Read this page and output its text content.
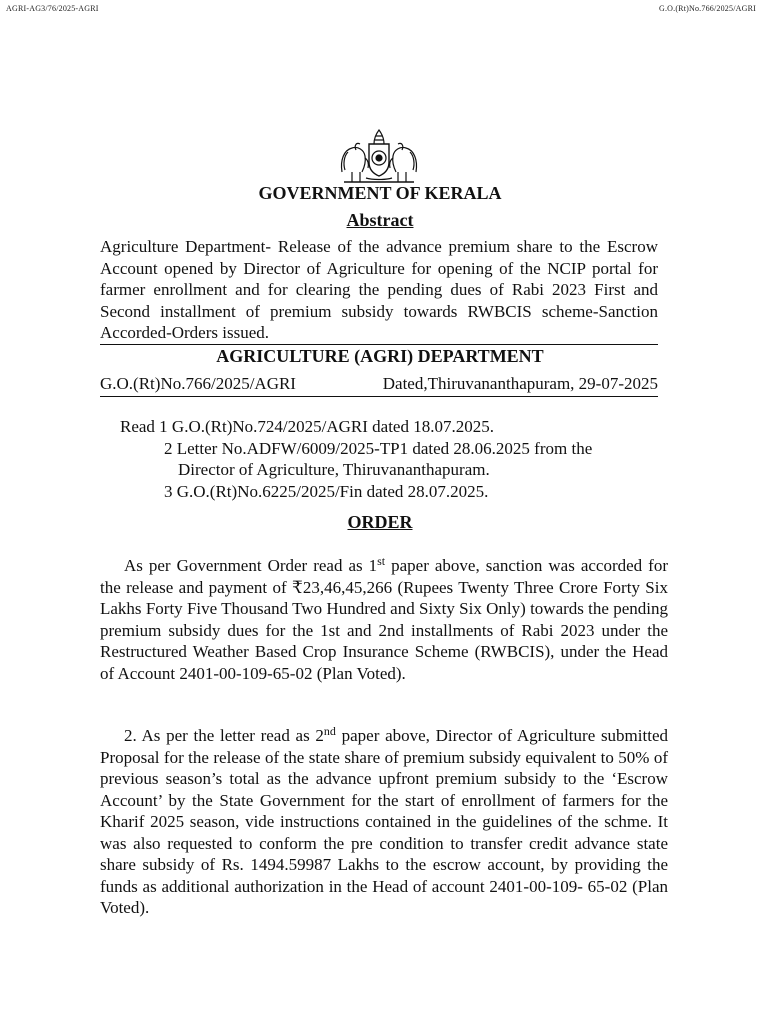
AGRI-AG3/76/2025-AGRI	G.O.(Rt)No.766/2025/AGRI
GOVERNMENT OF KERALA
Abstract
Agriculture Department- Release of the advance premium share to the Escrow Account opened by Director of Agriculture for opening of the NCIP portal for farmer enrollment and for clearing the pending dues of Rabi 2023 First and Second installment of premium subsidy towards RWBCIS scheme-Sanction Accorded-Orders issued.
AGRICULTURE (AGRI) DEPARTMENT
G.O.(Rt)No.766/2025/AGRI	Dated,Thiruvananthapuram, 29-07-2025
Read 1 G.O.(Rt)No.724/2025/AGRI dated 18.07.2025.
2 Letter No.ADFW/6009/2025-TP1 dated 28.06.2025 from the
Director of Agriculture, Thiruvananthapuram.
3 G.O.(Rt)No.6225/2025/Fin dated 28.07.2025.
ORDER
As per Government Order read as 1st paper above, sanction was accorded for the release and payment of ₹23,46,45,266 (Rupees Twenty Three Crore Forty Six Lakhs Forty Five Thousand Two Hundred and Sixty Six Only) towards the pending premium subsidy dues for the 1st and 2nd installments of Rabi 2023 under the Restructured Weather Based Crop Insurance Scheme (RWBCIS), under the Head of Account 2401-00-109-65-02 (Plan Voted).
2. As per the letter read as 2nd paper above, Director of Agriculture submitted Proposal for the release of the state share of premium subsidy equivalent to 50% of previous season’s total as the advance upfront premium subsidy to the ‘Escrow Account’ by the State Government for the start of enrollment of farmers for the Kharif 2025 season, vide instructions contained in the guidelines of the schme. It was also requested to conform the pre condition to transfer credit advance state share subsidy of Rs. 1494.59987 Lakhs to the escrow account, by providing the funds as additional authorization in the Head of account 2401-00-109- 65-02 (Plan Voted).
